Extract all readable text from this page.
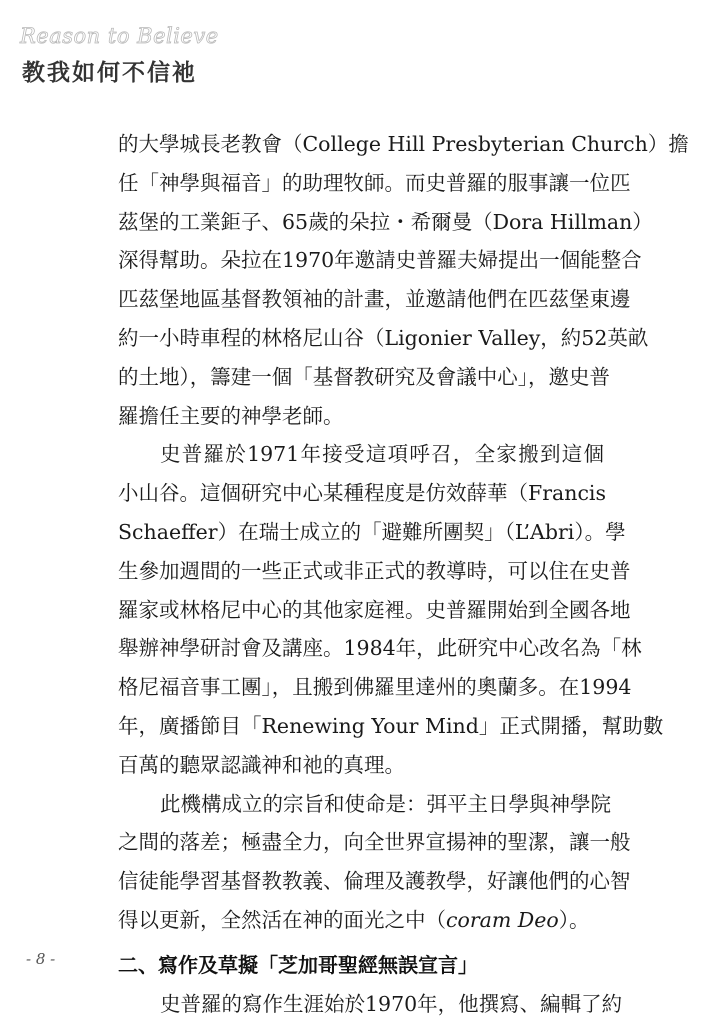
Reason to Believe
教我如何不信祂
的大學城長老教會（College Hill Presbyterian Church）擔
任「神學與福音」的助理牧師。而史普羅的服事讓一位匹
茲堡的工業鉅子、65歲的朵拉・希爾曼（Dora Hillman）
深得幫助。朵拉在1970年邀請史普羅夫婦提出一個能整合
匹茲堡地區基督教領袖的計畫，並邀請他們在匹茲堡東邊
約一小時車程的林格尼山谷（Ligonier Valley，約52英畝
的土地），籌建一個「基督教研究及會議中心」，邀史普
羅擔任主要的神學老師。
史普羅於1971年接受這項呼召，全家搬到這個
小山谷。這個研究中心某種程度是仿效薛華（Francis
Schaeffer）在瑞士成立的「避難所團契」（L’Abri）。學
生參加週間的一些正式或非正式的教導時，可以住在史普
羅家或林格尼中心的其他家庭裡。史普羅開始到全國各地
舉辦神學研討會及講座。1984年，此研究中心改名為「林
格尼福音事工團」，且搬到佛羅里達州的奧蘭多。在1994
年，廣播節目「Renewing Your Mind」正式開播，幫助數
百萬的聽眾認識神和祂的真理。
此機構成立的宗旨和使命是：弭平主日學與神學院
之間的落差；極盡全力，向全世界宣揚神的聖潔，讓一般
信徒能學習基督教教義、倫理及護教學，好讓他們的心智
得以更新，全然活在神的面光之中（coram Deo）。
二、寫作及草擬「芝加哥聖經無誤宣言」
史普羅的寫作生涯始於1970年，他撰寫、編輯了約
- 8 -
